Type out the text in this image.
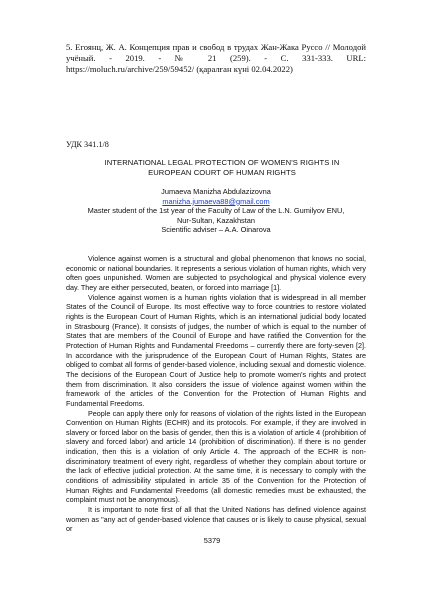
5. Егоянц, Ж. А. Концепция прав и свобод в трудах Жан-Жака Руссо // Молодой учёный. - 2019. - № 21 (259). - С. 331-333. URL: https://moluch.ru/archive/259/59452/ (қаралған күні 02.04.2022)
УДК 341.1/8
INTERNATIONAL LEGAL PROTECTION OF WOMEN'S RIGHTS IN
EUROPEAN COURT OF HUMAN RIGHTS
Jumaeva Manizha Abdulazizovna
manizha.jumaeva88@gmail.com
Master student of the 1st year of the Faculty of Law of the L.N. Gumilyov ENU,
Nur-Sultan, Kazakhstan
Scientific adviser – A.A. Oinarova

Violence against women is a structural and global phenomenon that knows no social, economic or national boundaries. It represents a serious violation of human rights, which very often goes unpunished. Women are subjected to psychological and physical violence every day. They are either persecuted, beaten, or forced into marriage [1].

Violence against women is a human rights violation that is widespread in all member States of the Council of Europe. Its most effective way to force countries to restore violated rights is the European Court of Human Rights, which is an international judicial body located in Strasbourg (France). It consists of judges, the number of which is equal to the number of States that are members of the Council of Europe and have ratified the Convention for the Protection of Human Rights and Fundamental Freedoms – currently there are forty-seven [2]. In accordance with the jurisprudence of the European Court of Human Rights, States are obliged to combat all forms of gender-based violence, including sexual and domestic violence. The decisions of the European Court of Justice help to promote women's rights and protect them from discrimination. It also considers the issue of violence against women within the framework of the articles of the Convention for the Protection of Human Rights and Fundamental Freedoms.

People can apply there only for reasons of violation of the rights listed in the European Convention on Human Rights (ECHR) and its protocols. For example, if they are involved in slavery or forced labor on the basis of gender, then this is a violation of article 4 (prohibition of slavery and forced labor) and article 14 (prohibition of discrimination). If there is no gender indication, then this is a violation of only Article 4. The approach of the ECHR is non-discriminatory treatment of every right, regardless of whether they complain about torture or the lack of effective judicial protection. At the same time, it is necessary to comply with the conditions of admissibility stipulated in article 35 of the Convention for the Protection of Human Rights and Fundamental Freedoms (all domestic remedies must be exhausted, the complaint must not be anonymous).

It is important to note first of all that the United Nations has defined violence against women as "any act of gender-based violence that causes or is likely to cause physical, sexual or

5379
